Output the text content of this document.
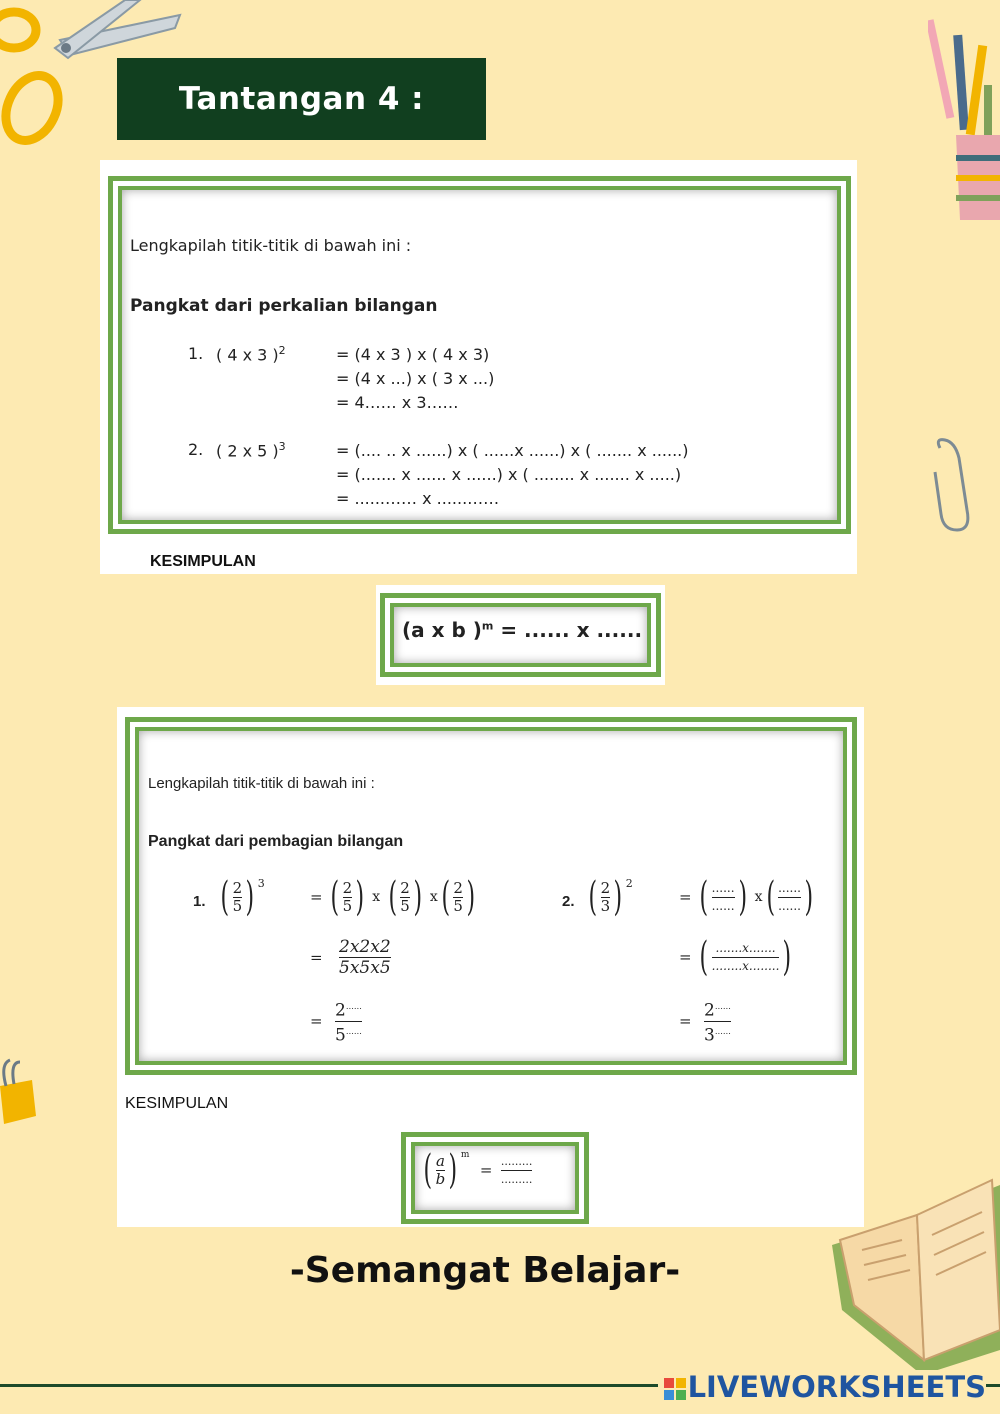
Tantangan 4 :
Lengkapilah titik-titik di bawah ini :
Pangkat dari perkalian bilangan
1. ( 4 x 3 )$^2$	= (4 x 3 ) x ( 4 x 3)
= (4 x ...) x ( 3 x ...)
= 4…… x 3……
2. ( 2 x 5 )$^3$	= (.... .. x ......) x ( ......x ......) x ( ....... x ......)
= (....... x ...... x ......) x ( ........ x ....... x .....)
= ......…… x ......……
KESIMPULAN
(a x b )$^m$ = ...... x ......
Lengkapilah titik-titik di bawah ini :
Pangkat dari pembagian bilangan
1. ( $\frac{2}{5}$ ) $^3$
= ( $\frac{2}{5}$ ) x ( $\frac{2}{5}$ ) $x( \frac{2}{5}$ )
= $\frac{2x2x2}{5x5x5}$
= $\frac{2^{\dots\dots}}{5^{\dots\dots}}$
2. ( $\frac{2}{3}$ ) $^2$
= ( $\frac{......}{......}$ ) $x( \frac{......}{......}$ )
= ( $\frac{.......x.......}{........x........}$ )
= $\frac{2^{\dots\dots}}{3^{\dots\dots}}$
KESIMPULAN
( $\frac{a}{b}$ ) $^m = \frac{.........}{.........}$
-Semangat Belajar-
LIVEWORKSHEETS
